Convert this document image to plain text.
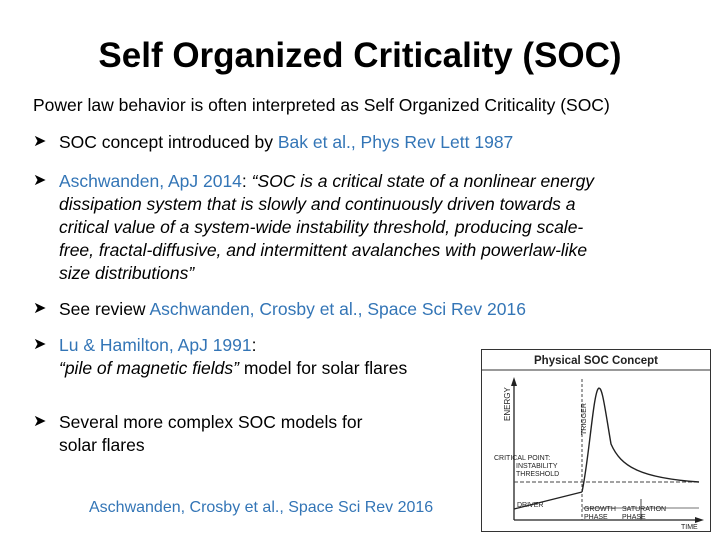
Self Organized Criticality (SOC)
Power law behavior is often interpreted as Self Organized Criticality (SOC)
➤ SOC concept introduced by Bak et al., Phys Rev Lett 1987
➤ Aschwanden, ApJ 2014: “SOC is a critical state of a nonlinear energy
dissipation system that is slowly and continuously driven towards a
critical value of a system-wide instability threshold, producing scale-
free, fractal-diffusive, and intermittent avalanches with powerlaw-like
size distributions”
➤ See review Aschwanden, Crosby et al., Space Sci Rev 2016
➤ Lu & Hamilton, ApJ 1991:
“pile of magnetic fields” model for solar flares
➤ Several more complex SOC models for
solar flares
Aschwanden, Crosby et al., Space Sci Rev 2016
Physical SOC Concept
ENERGY	TRIGGER
CRITICAL POINT:
INSTABILITY
THRESHOLD
DRIVER
GROWTH
PHASE
SATURATION
PHASE
TIME
